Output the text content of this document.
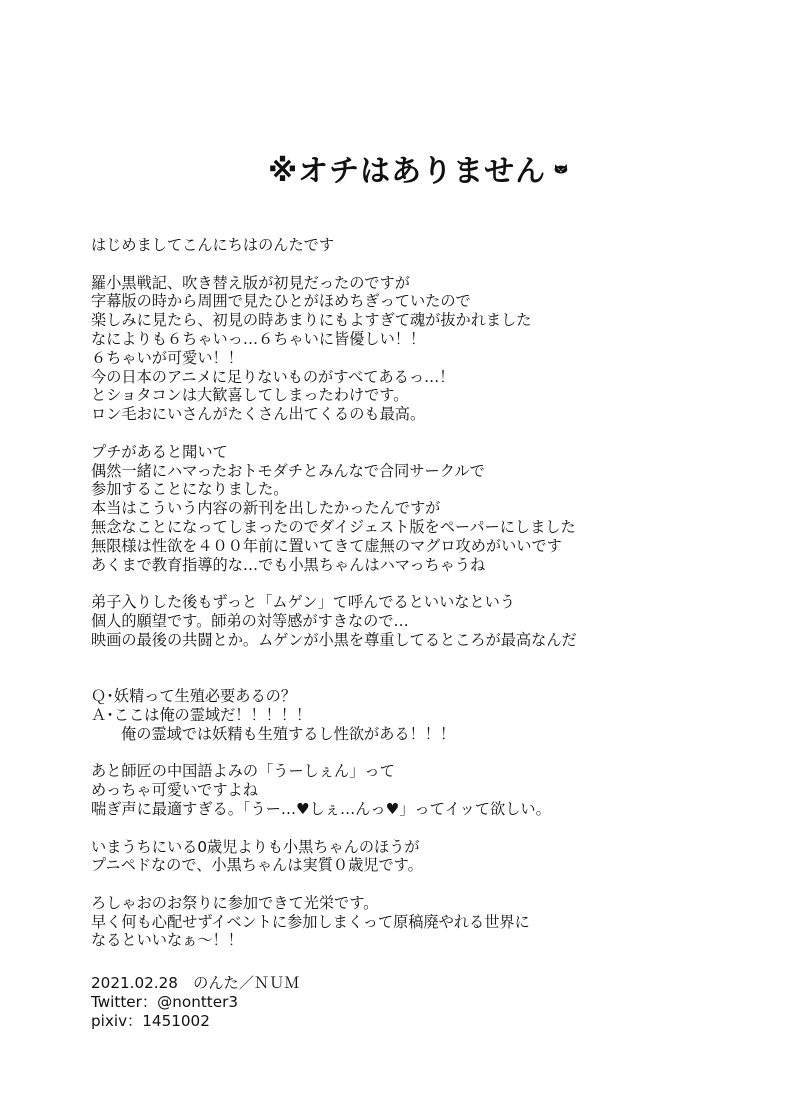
※オチはありません
はじめましてこんにちはのんたです
羅小黒戦記、吹き替え版が初見だったのですが
字幕版の時から周囲で見たひとがほめちぎっていたので
楽しみに見たら、初見の時あまりにもよすぎて魂が抜かれました
なによりも６ちゃいっ…６ちゃいに皆優しい！！
６ちゃいが可愛い！！
今の日本のアニメに足りないものがすべてあるっ…！
とショタコンは大歓喜してしまったわけです。
ロン毛おにいさんがたくさん出てくるのも最高。
プチがあると聞いて
偶然一緒にハマったおトモダチとみんなで合同サークルで
参加することになりました。
本当はこういう内容の新刊を出したかったんですが
無念なことになってしまったのでダイジェスト版をペーパーにしました
無限様は性欲を４００年前に置いてきて虚無のマグロ攻めがいいです
あくまで教育指導的な…でも小黒ちゃんはハマっちゃうね
弟子入りした後もずっと「ムゲン」て呼んでるといいなという
個人的願望です。師弟の対等感がすきなので…
映画の最後の共闘とか。ムゲンが小黒を尊重してるところが最高なんだ
Ｑ･妖精って生殖必要あるの？
Ａ･ここは俺の霊域だ！！！！！
俺の霊域では妖精も生殖するし性欲がある！！！
あと師匠の中国語よみの「うーしぇん」って
めっちゃ可愛いですよね
喘ぎ声に最適すぎる。「うー…♥しぇ…んっ♥」ってイッて欲しい。
いまうちにいる0歳児よりも小黒ちゃんのほうが
プニペドなので、小黒ちゃんは実質０歳児です。
ろしゃおのお祭りに参加できて光栄です。
早く何も心配せずイベントに参加しまくって原稿廃やれる世界に
なるといいなぁ～！！
2021.02.28　のんた／ＮＵＭ
Twitter：@nontter3
pixiv：1451002
